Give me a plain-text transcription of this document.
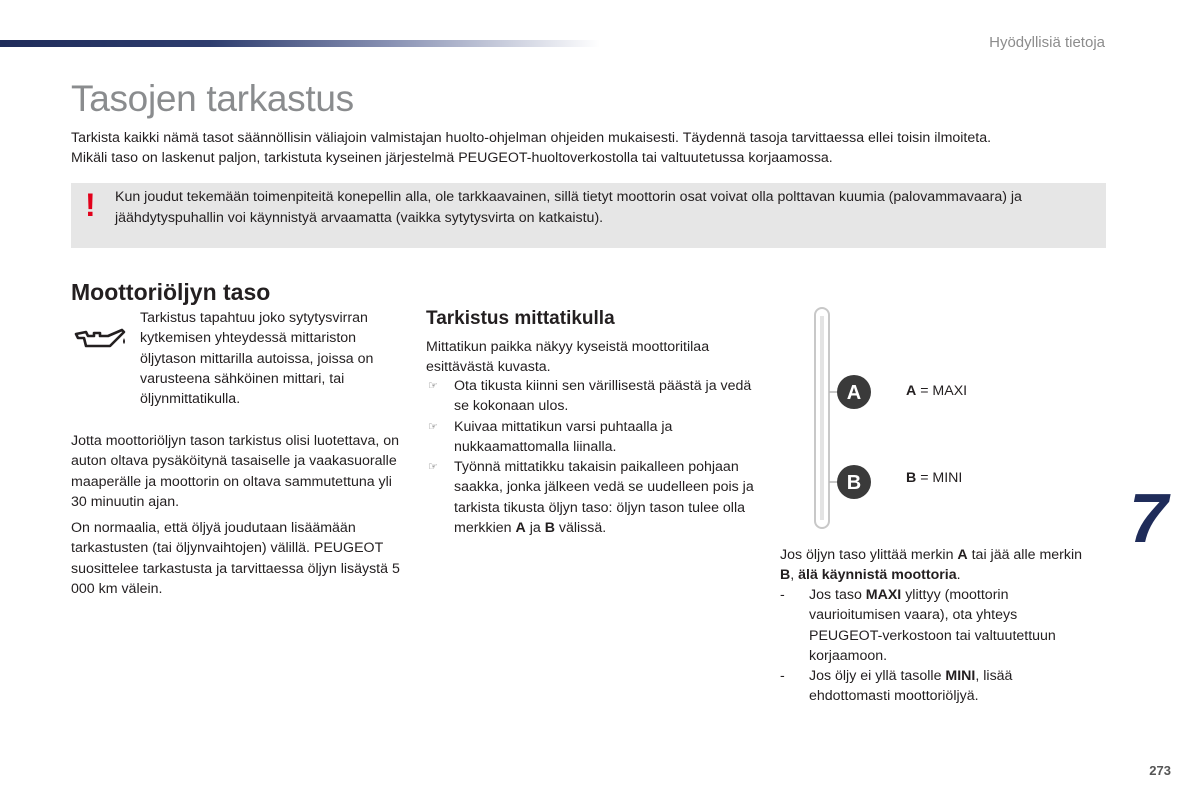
Hyödyllisiä tietoja
Tasojen tarkastus

Tarkista kaikki nämä tasot säännöllisin väliajoin valmistajan huolto-ohjelman ohjeiden mukaisesti. Täydennä tasoja tarvittaessa ellei toisin ilmoiteta.

Mikäli taso on laskenut paljon, tarkistuta kyseinen järjestelmä PEUGEOT-huoltoverkostolla tai valtuutetussa korjaamossa.

! Kun joudut tekemään toimenpiteitä konepellin alla, ole tarkkaavainen, sillä tietyt moottorin osat voivat olla polttavan kuumia (palovammavaara) ja jäähdytyspuhallin voi käynnistyä arvaamatta (vaikka sytytysvirta on katkaistu).

Moottoriöljyn taso

Tarkistus tapahtuu joko sytytysvirran kytkemisen yhteydessä mittariston öljytason mittarilla autoissa, joissa on varusteena sähköinen mittari, tai öljynmittatikulla.

Jotta moottoriöljyn tason tarkistus olisi luotettava, on auton oltava pysäköitynä tasaiselle ja vaakasuoralle maaperälle ja moottorin on oltava sammutettuna yli 30 minuutin ajan.

On normaalia, että öljyä joudutaan lisäämään tarkastusten (tai öljynvaihtojen) välillä. PEUGEOT suosittelee tarkastusta ja tarvittaessa öljyn lisäystä 5 000 km välein.

Tarkistus mittatikulla

Mittatikun paikka näkyy kyseistä moottoritilaa esittävästä kuvasta.

☞ Ota tikusta kiinni sen värillisestä päästä ja vedä se kokonaan ulos.
☞ Kuivaa mittatikun varsi puhtaalla ja nukkaamattomalla liinalla.
☞ Työnnä mittatikku takaisin paikalleen pohjaan saakka, jonka jälkeen vedä se uudelleen pois ja tarkista tikusta öljyn taso: öljyn tason tulee olla merkkien A ja B välissä.
A
B
A = MAXI
B = MINI
7

Jos öljyn taso ylittää merkin A tai jää alle merkin B, älä käynnistä moottoria.

- Jos taso MAXI ylittyy (moottorin vaurioitumisen vaara), ota yhteys PEUGEOT-verkostoon tai valtuutettuun korjaamoon.
- Jos öljy ei yllä tasolle MINI, lisää ehdottomasti moottoriöljyä.
273
